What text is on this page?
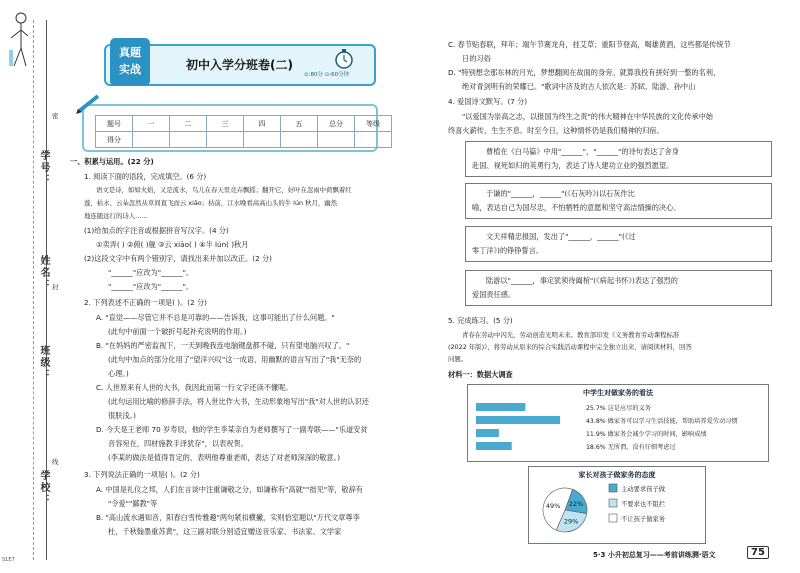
学号：
姓名：
班级：
学校：
密
封
线
S1E7
初中入学分班卷(二)
⊙:80分 ⊙:60分钟
真题
实战
题号	一	二	三	四	五	总分	等级
得分							
一、积累与运用。(22 分)
1. 阅读下面的语段，完成填空。(6 分)
语文是诗，如如火焰，又是流水，鸟儿在春天里竞卉飘摇；翻开它，好叶在忽雨中荷飘着红
莲，枯水、云朵忽然从草间直飞而云 xiāo；枯前，江水晚看高高山头的牛 lún 秋月，幽然
地连随远行的诗人……
(1)给加点的字注音或根据拼音写汉字。(4 分)
①卖弄( ) ②俯( )舰 ③云 xiāo( ) ④半 lún( )秋月
(2)这段文字中有两个错别字，请找出来并加以改正。(2 分)
"______"应改为"______"。
"______"应改为"______"。
2. 下列表述不正确的一项是( )。(2 分)
A. "直觉——尽管它并不总是可靠的——告诉我，这事可能出了什么问题。"
(此句中前面一个破折号起补充说明的作用。)
B. "在妈妈的严密监视下，一天到晚我连电脑键盘都不碰，只有望电脑兴叹了。"
(此句中加点的部分化用了"望洋兴叹"这一成语，用幽默的语言写出了"我"无奈的
心理。)
C. 人世原来有人世的大书，我因此而第一行文字还读不懂呢。
(此句运用比喻的修辞手法，将人世比作大书，生动形象地写出"我"对人世的认识还
很肤浅。)
D. 今天是王老师 70 岁寿辰，他的学生李某亲自为老师撰写了一副寿联——"乐道安贫
音容宛在，四材施教手泽犹存"，以表祝贺。
(李某的做法是值得肯定的，表明他尊重老师，表达了对老师深深的敬意。)
3. 下列说法正确的一项是( )。(2 分)
A. 中国是礼仪之邦，人们在言谈中注重谦敬之分，如谦称有"高就""拙见"等，敬辞有
"令爱""鄙教"等
B. "高山流水遇知音，阳春白雪传雅趣"两句紧扣横撇，实则恰室题以"万代文章尊李
杜，千秋翰墨重苏黄"，这三副对联分别适宜赠送音乐家、书法家、文学家
C. 春节贴春联，拜年；端午节赛龙舟，挂艾草；重阳节登高，喝雄黄酒，这些都是传统节
日的习俗
D. "特别想念那东林的月光，梦想翻阅在故面的身旁。就算我投有拼好到一整的名利，
绝对青剑明有的荣耀已。"歌词中济及的古人依次是：苏轼、陆游、孙中山
4. 爱国诗文默写。(7 分)
"以爱国为崇高之志，以报国为终生之责"的伟大精神在中华民族的文化传承中始
终喜火薪传，生生不息。时至今日，这种情怀仍是我们精神的归宿。
曹植在《白马篇》中用"______"，"______"的诗句表达了舍身
赴国、视死如归的英勇行为，表达了诗人建功立业的强烈愿望。
于谦的"______，______"(《石灰吟》)以石灰作比
喻，表达自己为国尽忠，不怕牺牲的意愿和坚守高洁情操的决心。
文天祥精忠报国，发出了"______，______"(《过
零丁洋》)的铮铮誓言。
陆游以"______，事定犹须待阖棺"(《病起书怀》)表达了强烈的
爱国责任感。
5. 完成练习。(5 分)
青春在劳动中闪光，劳动创造光明未来。教育部印发《义务教育劳动课程标准
(2022 年版)》，将劳动从原来的综合实践活动课程中完全独立出来，请阅读材料，回答
问题。
材料一：数据大调查
中学生对做家务的看法
25.7% 这是应尽的义务
43.8% 做家务可以学习生活技能，帮助培养爱劳动习惯
11.9% 做家务会减少学习的时间，影响成绩
18.6% 无所谓，没有仔细考虑过
家长对孩子做家务的态度
22%
29%
49%
主动要求孩子做
不要求也不阻拦
不让孩子做家务
5·3 小升初总复习——考前讲练测·语文	75
